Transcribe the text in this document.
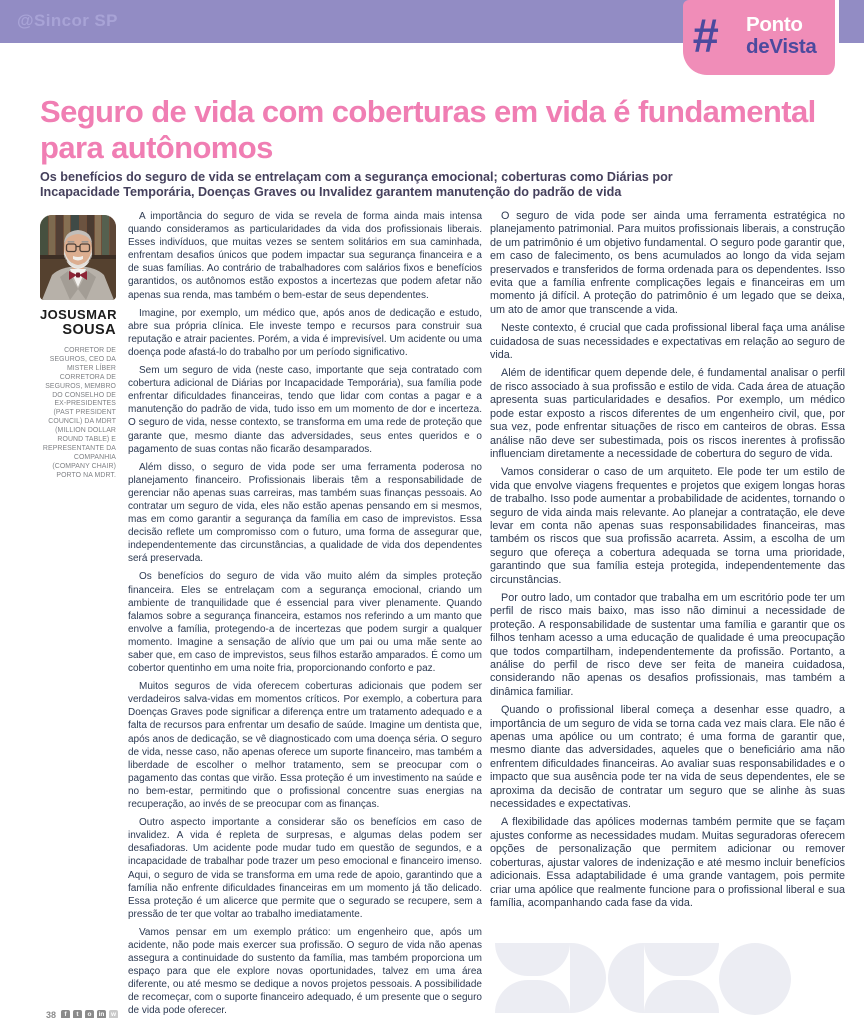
@Sincor SP	# Ponto
deVista
Seguro de vida com coberturas em vida é fundamental para autônomos
Os benefícios do seguro de vida se entrelaçam com a segurança emocional; coberturas como Diárias por Incapacidade Temporária, Doenças Graves ou Invalidez garantem manutenção do padrão de vida
JOSUSMAR
SOUSA
CORRETOR DE SEGUROS, CEO DA MISTER LÍBER CORRETORA DE SEGUROS, MEMBRO DO CONSELHO DE EX-PRESIDENTES (PAST PRESIDENT COUNCIL) DA MDRT (MILLION DOLLAR ROUND TABLE) E REPRESENTANTE DA COMPANHIA (COMPANY CHAIR) PORTO NA MDRT.

A importância do seguro de vida se revela de forma ainda mais intensa quando consideramos as particularidades da vida dos profissionais liberais. Esses indivíduos, que muitas vezes se sentem solitários em sua caminhada, enfrentam desafios únicos que podem impactar sua segurança financeira e a de suas famílias. Ao contrário de trabalhadores com salários fixos e benefícios garantidos, os autônomos estão expostos a incertezas que podem afetar não apenas sua renda, mas também o bem-estar de seus dependentes.

Imagine, por exemplo, um médico que, após anos de dedicação e estudo, abre sua própria clínica. Ele investe tempo e recursos para construir sua reputação e atrair pacientes. Porém, a vida é imprevisível. Um acidente ou uma doença pode afastá-lo do trabalho por um período significativo.

Sem um seguro de vida (neste caso, importante que seja contratado com cobertura adicional de Diárias por Incapacidade Temporária), sua família pode enfrentar dificuldades financeiras, tendo que lidar com contas a pagar e a manutenção do padrão de vida, tudo isso em um momento de dor e incerteza. O seguro de vida, nesse contexto, se transforma em uma rede de proteção que garante que, mesmo diante das adversidades, seus entes queridos e o pagamento de suas contas não ficarão desamparados.

Além disso, o seguro de vida pode ser uma ferramenta poderosa no planejamento financeiro. Profissionais liberais têm a responsabilidade de gerenciar não apenas suas carreiras, mas também suas finanças pessoais. Ao contratar um seguro de vida, eles não estão apenas pensando em si mesmos, mas em como garantir a segurança da família em caso de imprevistos. Essa decisão reflete um compromisso com o futuro, uma forma de assegurar que, independentemente das circunstâncias, a qualidade de vida dos dependentes será preservada.

Os benefícios do seguro de vida vão muito além da simples proteção financeira. Eles se entrelaçam com a segurança emocional, criando um ambiente de tranquilidade que é essencial para viver plenamente. Quando falamos sobre a segurança financeira, estamos nos referindo a um manto que envolve a família, protegendo-a de incertezas que podem surgir a qualquer momento. Imagine a sensação de alívio que um pai ou uma mãe sente ao saber que, em caso de imprevistos, seus filhos estarão amparados. É como um cobertor quentinho em uma noite fria, proporcionando conforto e paz.

Muitos seguros de vida oferecem coberturas adicionais que podem ser verdadeiros salva-vidas em momentos críticos. Por exemplo, a cobertura para Doenças Graves pode significar a diferença entre um tratamento adequado e a falta de recursos para enfrentar um desafio de saúde. Imagine um dentista que, após anos de dedicação, se vê diagnosticado com uma doença séria. O seguro de vida, nesse caso, não apenas oferece um suporte financeiro, mas também a liberdade de escolher o melhor tratamento, sem se preocupar com o pagamento das contas que virão. Essa proteção é um investimento na saúde e no bem-estar, permitindo que o profissional concentre suas energias na recuperação, ao invés de se preocupar com as finanças.

Outro aspecto importante a considerar são os benefícios em caso de invalidez. A vida é repleta de surpresas, e algumas delas podem ser desafiadoras. Um acidente pode mudar tudo em questão de segundos, e a incapacidade de trabalhar pode trazer um peso emocional e financeiro imenso. Aqui, o seguro de vida se transforma em uma rede de apoio, garantindo que a família não enfrente dificuldades financeiras em um momento já tão delicado. Essa proteção é um alicerce que permite que o segurado se recupere, sem a pressão de ter que voltar ao trabalho imediatamente.

Vamos pensar em um exemplo prático: um engenheiro que, após um acidente, não pode mais exercer sua profissão. O seguro de vida não apenas assegura a continuidade do sustento da família, mas também proporciona um espaço para que ele explore novas oportunidades, talvez em uma área diferente, ou até mesmo se dedique a novos projetos pessoais. A possibilidade de recomeçar, com o suporte financeiro adequado, é um presente que o seguro de vida pode oferecer.

O seguro de vida pode ser ainda uma ferramenta estratégica no planejamento patrimonial. Para muitos profissionais liberais, a construção de um patrimônio é um objetivo fundamental. O seguro pode garantir que, em caso de falecimento, os bens acumulados ao longo da vida sejam preservados e transferidos de forma ordenada para os dependentes. Isso evita que a família enfrente complicações legais e financeiras em um momento já difícil. A proteção do patrimônio é um legado que se deixa, um ato de amor que transcende a vida.

Neste contexto, é crucial que cada profissional liberal faça uma análise cuidadosa de suas necessidades e expectativas em relação ao seguro de vida.

Além de identificar quem depende dele, é fundamental analisar o perfil de risco associado à sua profissão e estilo de vida. Cada área de atuação apresenta suas particularidades e desafios. Por exemplo, um médico pode estar exposto a riscos diferentes de um engenheiro civil, que, por sua vez, pode enfrentar situações de risco em canteiros de obras. Essa análise não deve ser subestimada, pois os riscos inerentes à profissão influenciam diretamente a necessidade de cobertura do seguro de vida.

Vamos considerar o caso de um arquiteto. Ele pode ter um estilo de vida que envolve viagens frequentes e projetos que exigem longas horas de trabalho. Isso pode aumentar a probabilidade de acidentes, tornando o seguro de vida ainda mais relevante. Ao planejar a contratação, ele deve levar em conta não apenas suas responsabilidades financeiras, mas também os riscos que sua profissão acarreta. Assim, a escolha de um seguro que ofereça a cobertura adequada se torna uma prioridade, garantindo que sua família esteja protegida, independentemente das circunstâncias.

Por outro lado, um contador que trabalha em um escritório pode ter um perfil de risco mais baixo, mas isso não diminui a necessidade de proteção. A responsabilidade de sustentar uma família e garantir que os filhos tenham acesso a uma educação de qualidade é uma preocupação que todos compartilham, independentemente da profissão. Portanto, a análise do perfil de risco deve ser feita de maneira cuidadosa, considerando não apenas os desafios profissionais, mas também a dinâmica familiar.

Quando o profissional liberal começa a desenhar esse quadro, a importância de um seguro de vida se torna cada vez mais clara. Ele não é apenas uma apólice ou um contrato; é uma forma de garantir que, mesmo diante das adversidades, aqueles que o beneficiário ama não enfrentem dificuldades financeiras. Ao avaliar suas responsabilidades e o impacto que sua ausência pode ter na vida de seus dependentes, ele se aproxima da decisão de contratar um seguro que se alinhe às suas necessidades e expectativas.

A flexibilidade das apólices modernas também permite que se façam ajustes conforme as necessidades mudam. Muitas seguradoras oferecem opções de personalização que permitem adicionar ou remover coberturas, ajustar valores de indenização e até mesmo incluir benefícios adicionais. Essa adaptabilidade é uma grande vantagem, pois permite criar uma apólice que realmente funcione para o profissional liberal e sua família, acompanhando cada fase da vida.

38	f	t	o	in	w
